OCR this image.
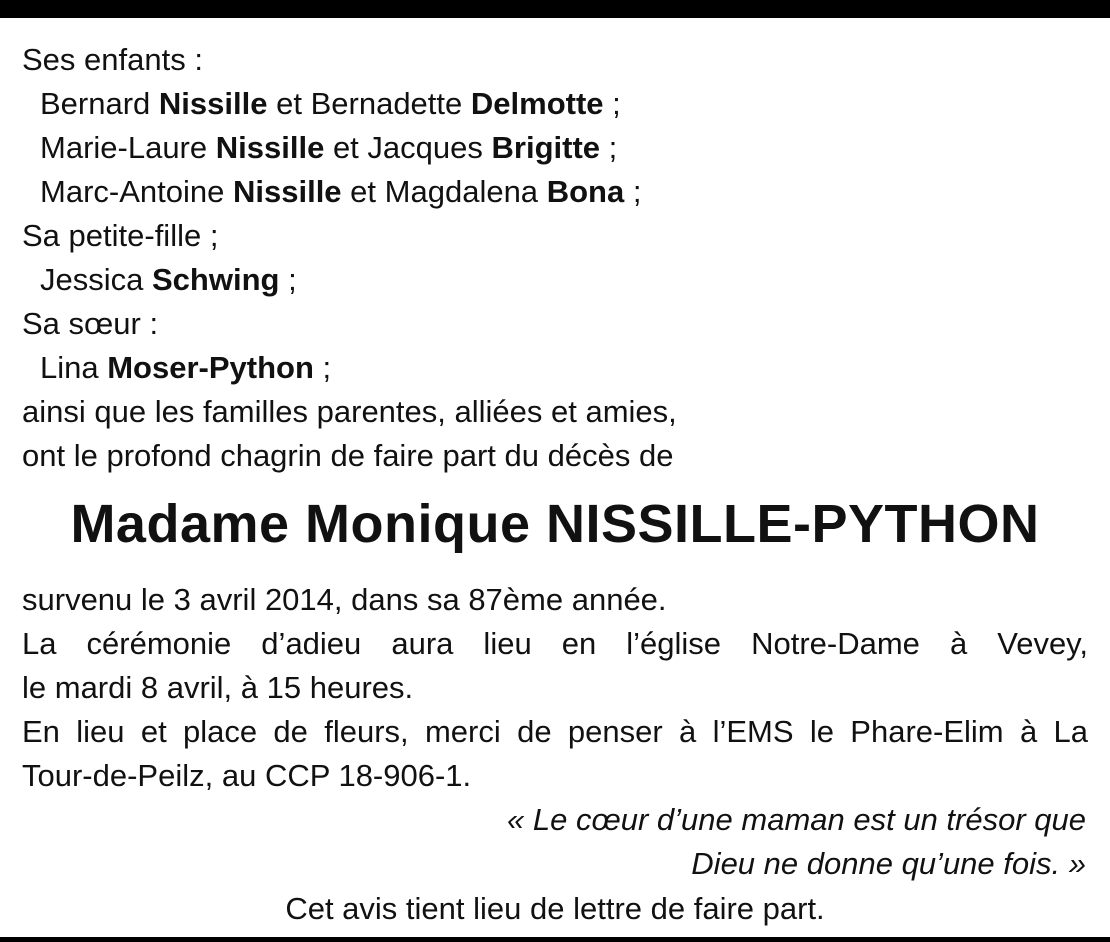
Ses enfants :
Bernard Nissille et Bernadette Delmotte ;
Marie-Laure Nissille et Jacques Brigitte ;
Marc-Antoine Nissille et Magdalena Bona ;
Sa petite-fille ;
Jessica Schwing ;
Sa sœur :
Lina Moser-Python ;
ainsi que les familles parentes, alliées et amies,
ont le profond chagrin de faire part du décès de
Madame Monique NISSILLE-PYTHON
survenu le 3 avril 2014, dans sa 87ème année.
La cérémonie d’adieu aura lieu en l’église Notre-Dame à Vevey,
le mardi 8 avril, à 15 heures.
En lieu et place de fleurs, merci de penser à l’EMS le Phare-Elim à La
Tour-de-Peilz, au CCP 18-906-1.
« Le cœur d’une maman est un trésor que
Dieu ne donne qu’une fois. »
Cet avis tient lieu de lettre de faire part.
